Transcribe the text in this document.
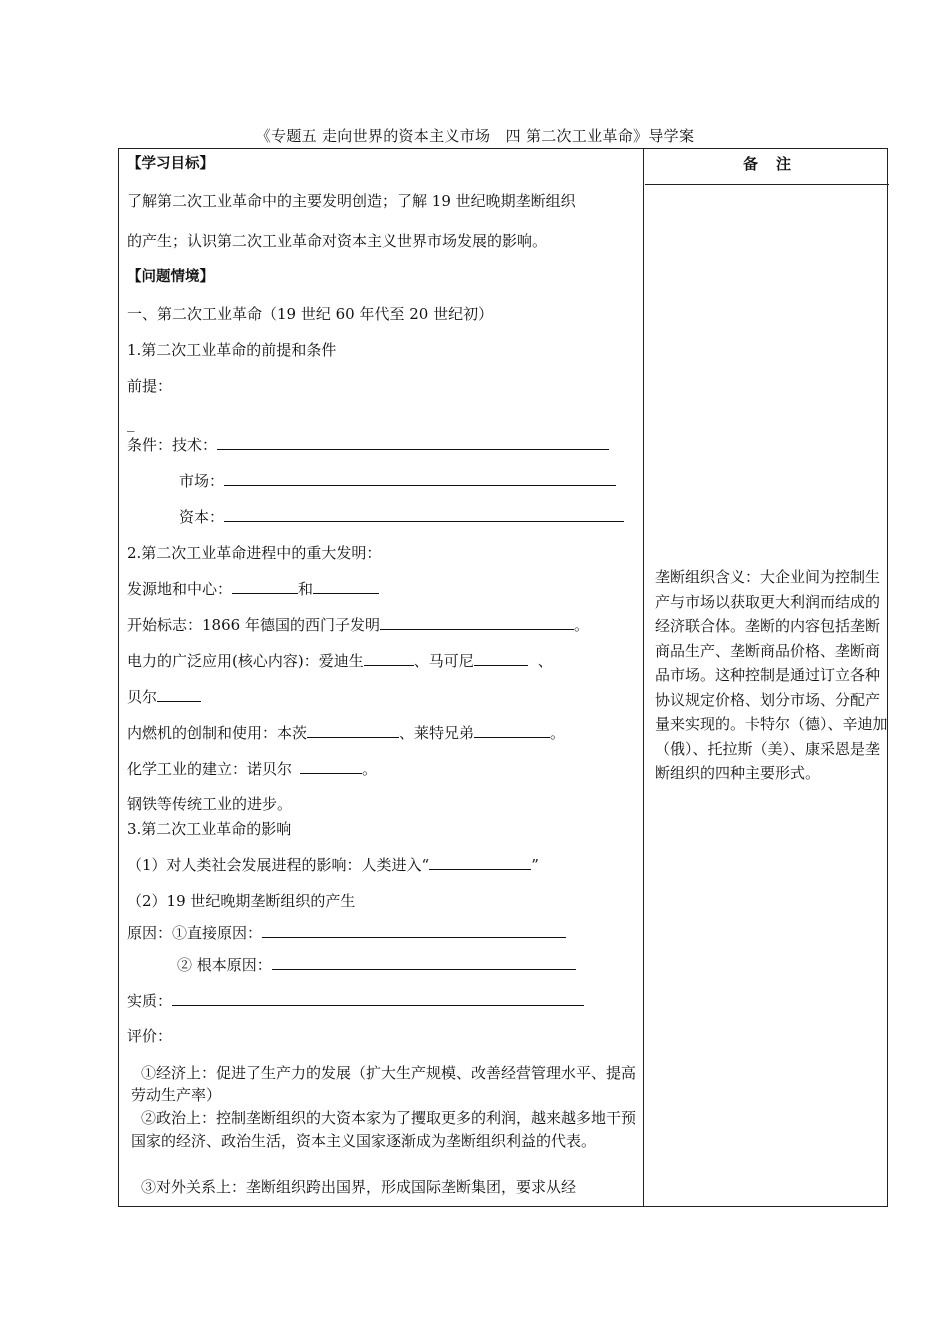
《专题五 走向世界的资本主义市场　四 第二次工业革命》导学案
备注
垄断组织含义：大企业间为控制生产与市场以获取更大利润而结成的经济联合体。垄断的内容包括垄断商品生产、垄断商品价格、垄断商品市场。这种控制是通过订立各种协议规定价格、划分市场、分配产量来实现的。卡特尔（德）、辛迪加（俄）、托拉斯（美）、康采恩是垄断组织的四种主要形式。
【学习目标】
了解第二次工业革命中的主要发明创造；了解 19 世纪晚期垄断组织
的产生；认识第二次工业革命对资本主义世界市场发展的影响。
【问题情境】
一、第二次工业革命（19 世纪 60 年代至 20 世纪初）
1.第二次工业革命的前提和条件
前提：
_
条件：技术：
市场：
资本：
2.第二次工业革命进程中的重大发明：
发源地和中心：	和
开始标志：1866 年德国的西门子发明	。
电力的广泛应用(核心内容)：爱迪生	、马可尼	、
贝尔
内燃机的创制和使用：本茨	、莱特兄弟	。
化学工业的建立：诺贝尔	。
钢铁等传统工业的进步。
3.第二次工业革命的影响
（1）对人类社会发展进程的影响：人类进入“	”
（2）19 世纪晚期垄断组织的产生
原因：①直接原因：
② 根本原因：
实质：
评价：
①经济上：促进了生产力的发展（扩大生产规模、改善经营管理水平、提高劳动生产率）
②政治上：控制垄断组织的大资本家为了攫取更多的利润，越来越多地干预国家的经济、政治生活，资本主义国家逐渐成为垄断组织利益的代表。
③对外关系上：垄断组织跨出国界，形成国际垄断集团，要求从经
